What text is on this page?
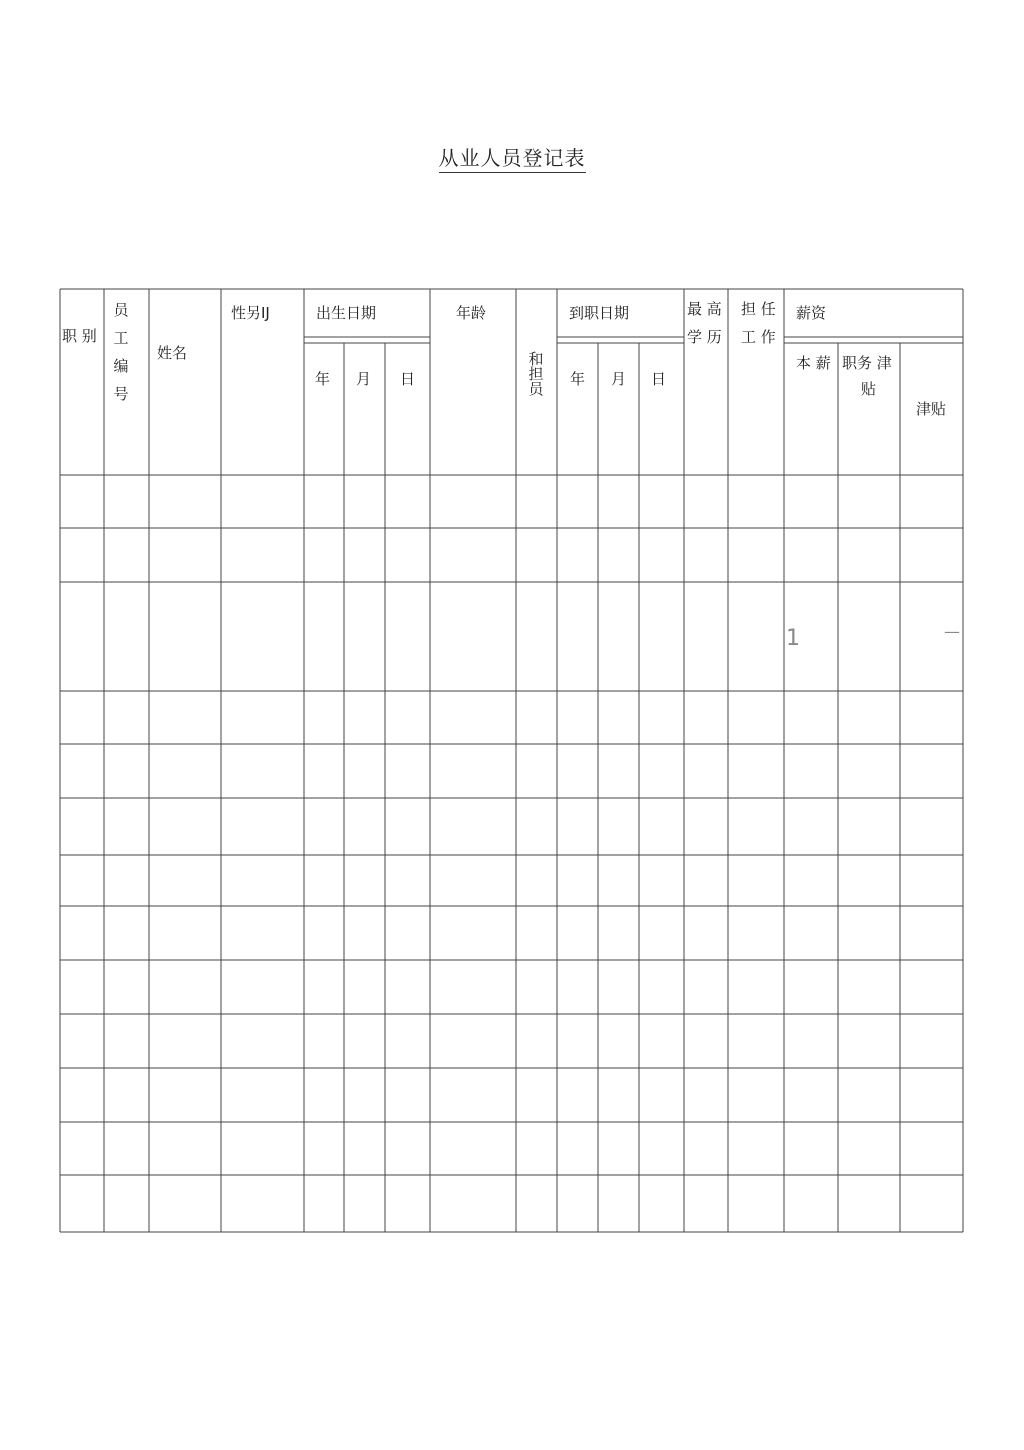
从业人员登记表
职 别
员
工
编
号
姓名
性另IJ	出生日期
年 月 日
年龄
和
担
员
到职日期
年 月 日
最 高
学 历
担 任
工 作
薪资
本 薪 职务 津
贴
津贴
1	—
